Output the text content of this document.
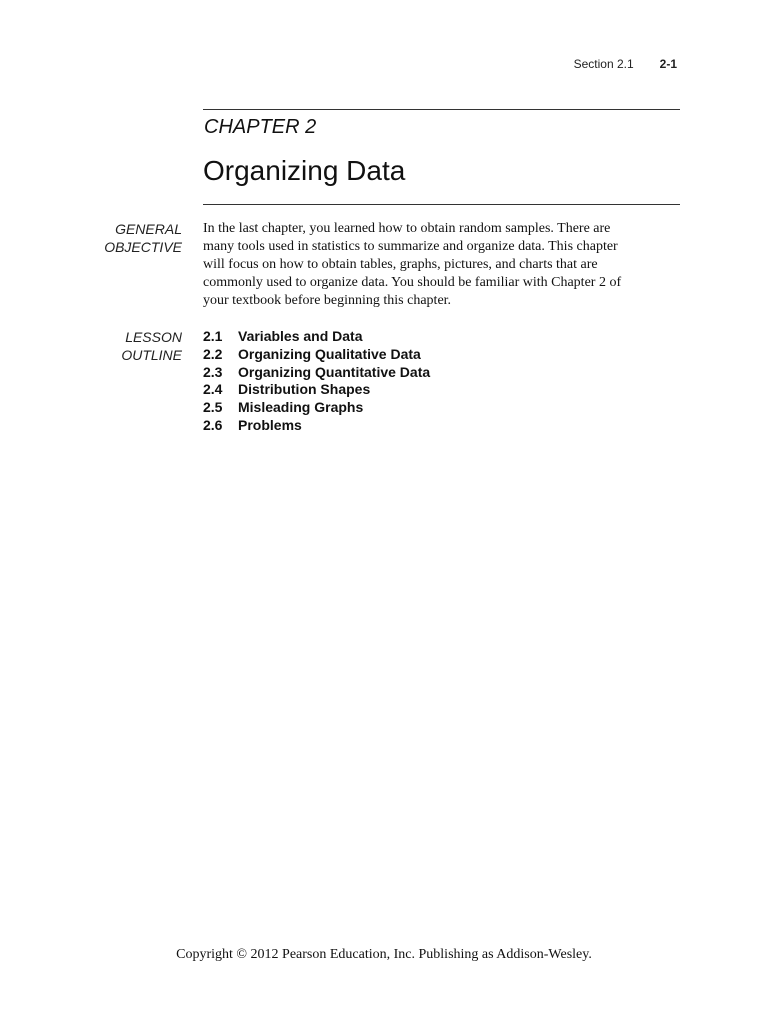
Section 2.1 2-1
CHAPTER 2
Organizing Data
GENERAL
OBJECTIVE
In the last chapter, you learned how to obtain random samples. There are
many tools used in statistics to summarize and organize data. This chapter
will focus on how to obtain tables, graphs, pictures, and charts that are
commonly used to organize data. You should be familiar with Chapter 2 of
your textbook before beginning this chapter.
LESSON
OUTLINE
2.1 Variables and Data
2.2 Organizing Qualitative Data
2.3 Organizing Quantitative Data
2.4 Distribution Shapes
2.5 Misleading Graphs
2.6 Problems
Copyright © 2012 Pearson Education, Inc. Publishing as Addison-Wesley.
